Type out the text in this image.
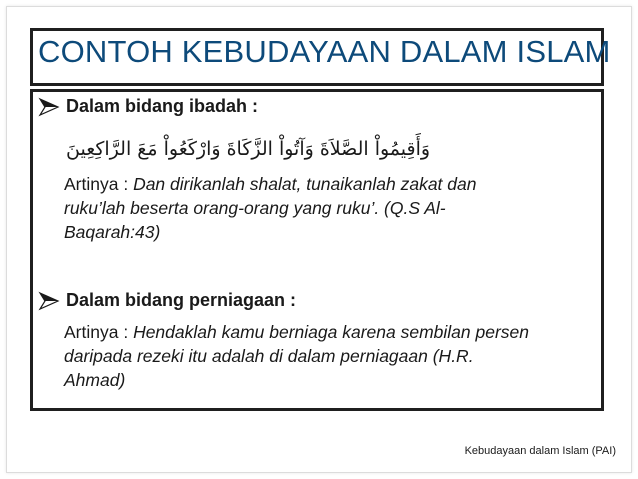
CONTOH KEBUDAYAAN DALAM ISLAM
Dalam bidang ibadah :
وَأَقِيمُواْ الصَّلاَةَ وَآتُواْ الزَّكَاةَ وَارْكَعُواْ مَعَ الرَّاكِعِينَ
Artinya : Dan dirikanlah shalat, tunaikanlah zakat dan
ruku’lah beserta orang-orang yang ruku’. (Q.S Al-
Baqarah:43)
Dalam bidang perniagaan :
Artinya : Hendaklah kamu berniaga karena sembilan persen
daripada rezeki itu adalah di dalam perniagaan (H.R.
Ahmad)
Kebudayaan dalam Islam (PAI)
